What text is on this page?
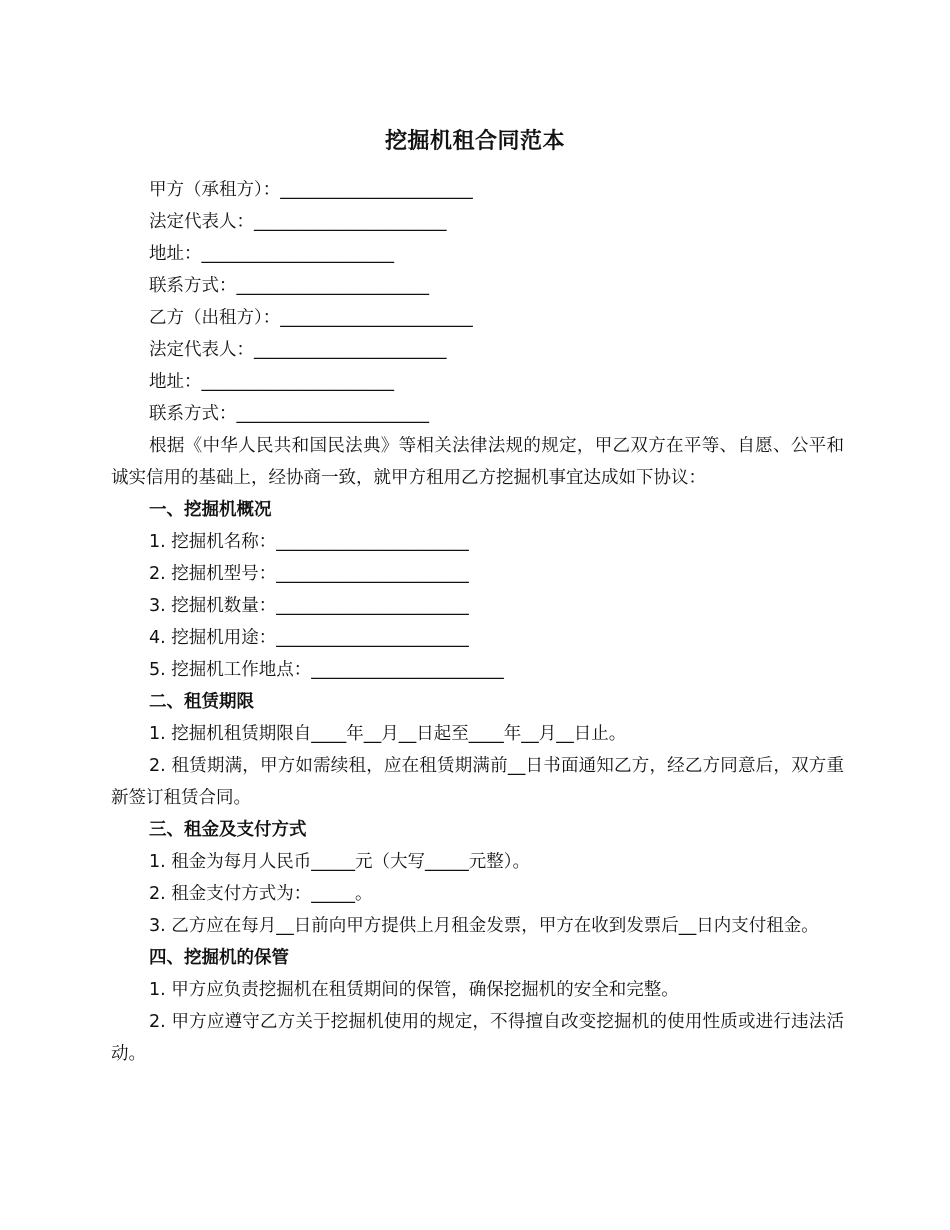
挖掘机租合同范本

甲方（承租方）：______________________

法定代表人：______________________

地址：______________________

联系方式：______________________

乙方（出租方）：______________________

法定代表人：______________________

地址：______________________

联系方式：______________________

根据《中华人民共和国民法典》等相关法律法规的规定，甲乙双方在平等、自愿、公平和诚实信用的基础上，经协商一致，就甲方租用乙方挖掘机事宜达成如下协议：

一、挖掘机概况

1. 挖掘机名称：______________________

2. 挖掘机型号：______________________

3. 挖掘机数量：______________________

4. 挖掘机用途：______________________

5. 挖掘机工作地点：______________________

二、租赁期限

1. 挖掘机租赁期限自____年__月__日起至____年__月__日止。

2. 租赁期满，甲方如需续租，应在租赁期满前__日书面通知乙方，经乙方同意后，双方重新签订租赁合同。

三、租金及支付方式

1. 租金为每月人民币_____元（大写_____元整）。

2. 租金支付方式为：_____。

3. 乙方应在每月__日前向甲方提供上月租金发票，甲方在收到发票后__日内支付租金。

四、挖掘机的保管

1. 甲方应负责挖掘机在租赁期间的保管，确保挖掘机的安全和完整。

2. 甲方应遵守乙方关于挖掘机使用的规定，不得擅自改变挖掘机的使用性质或进行违法活动。
